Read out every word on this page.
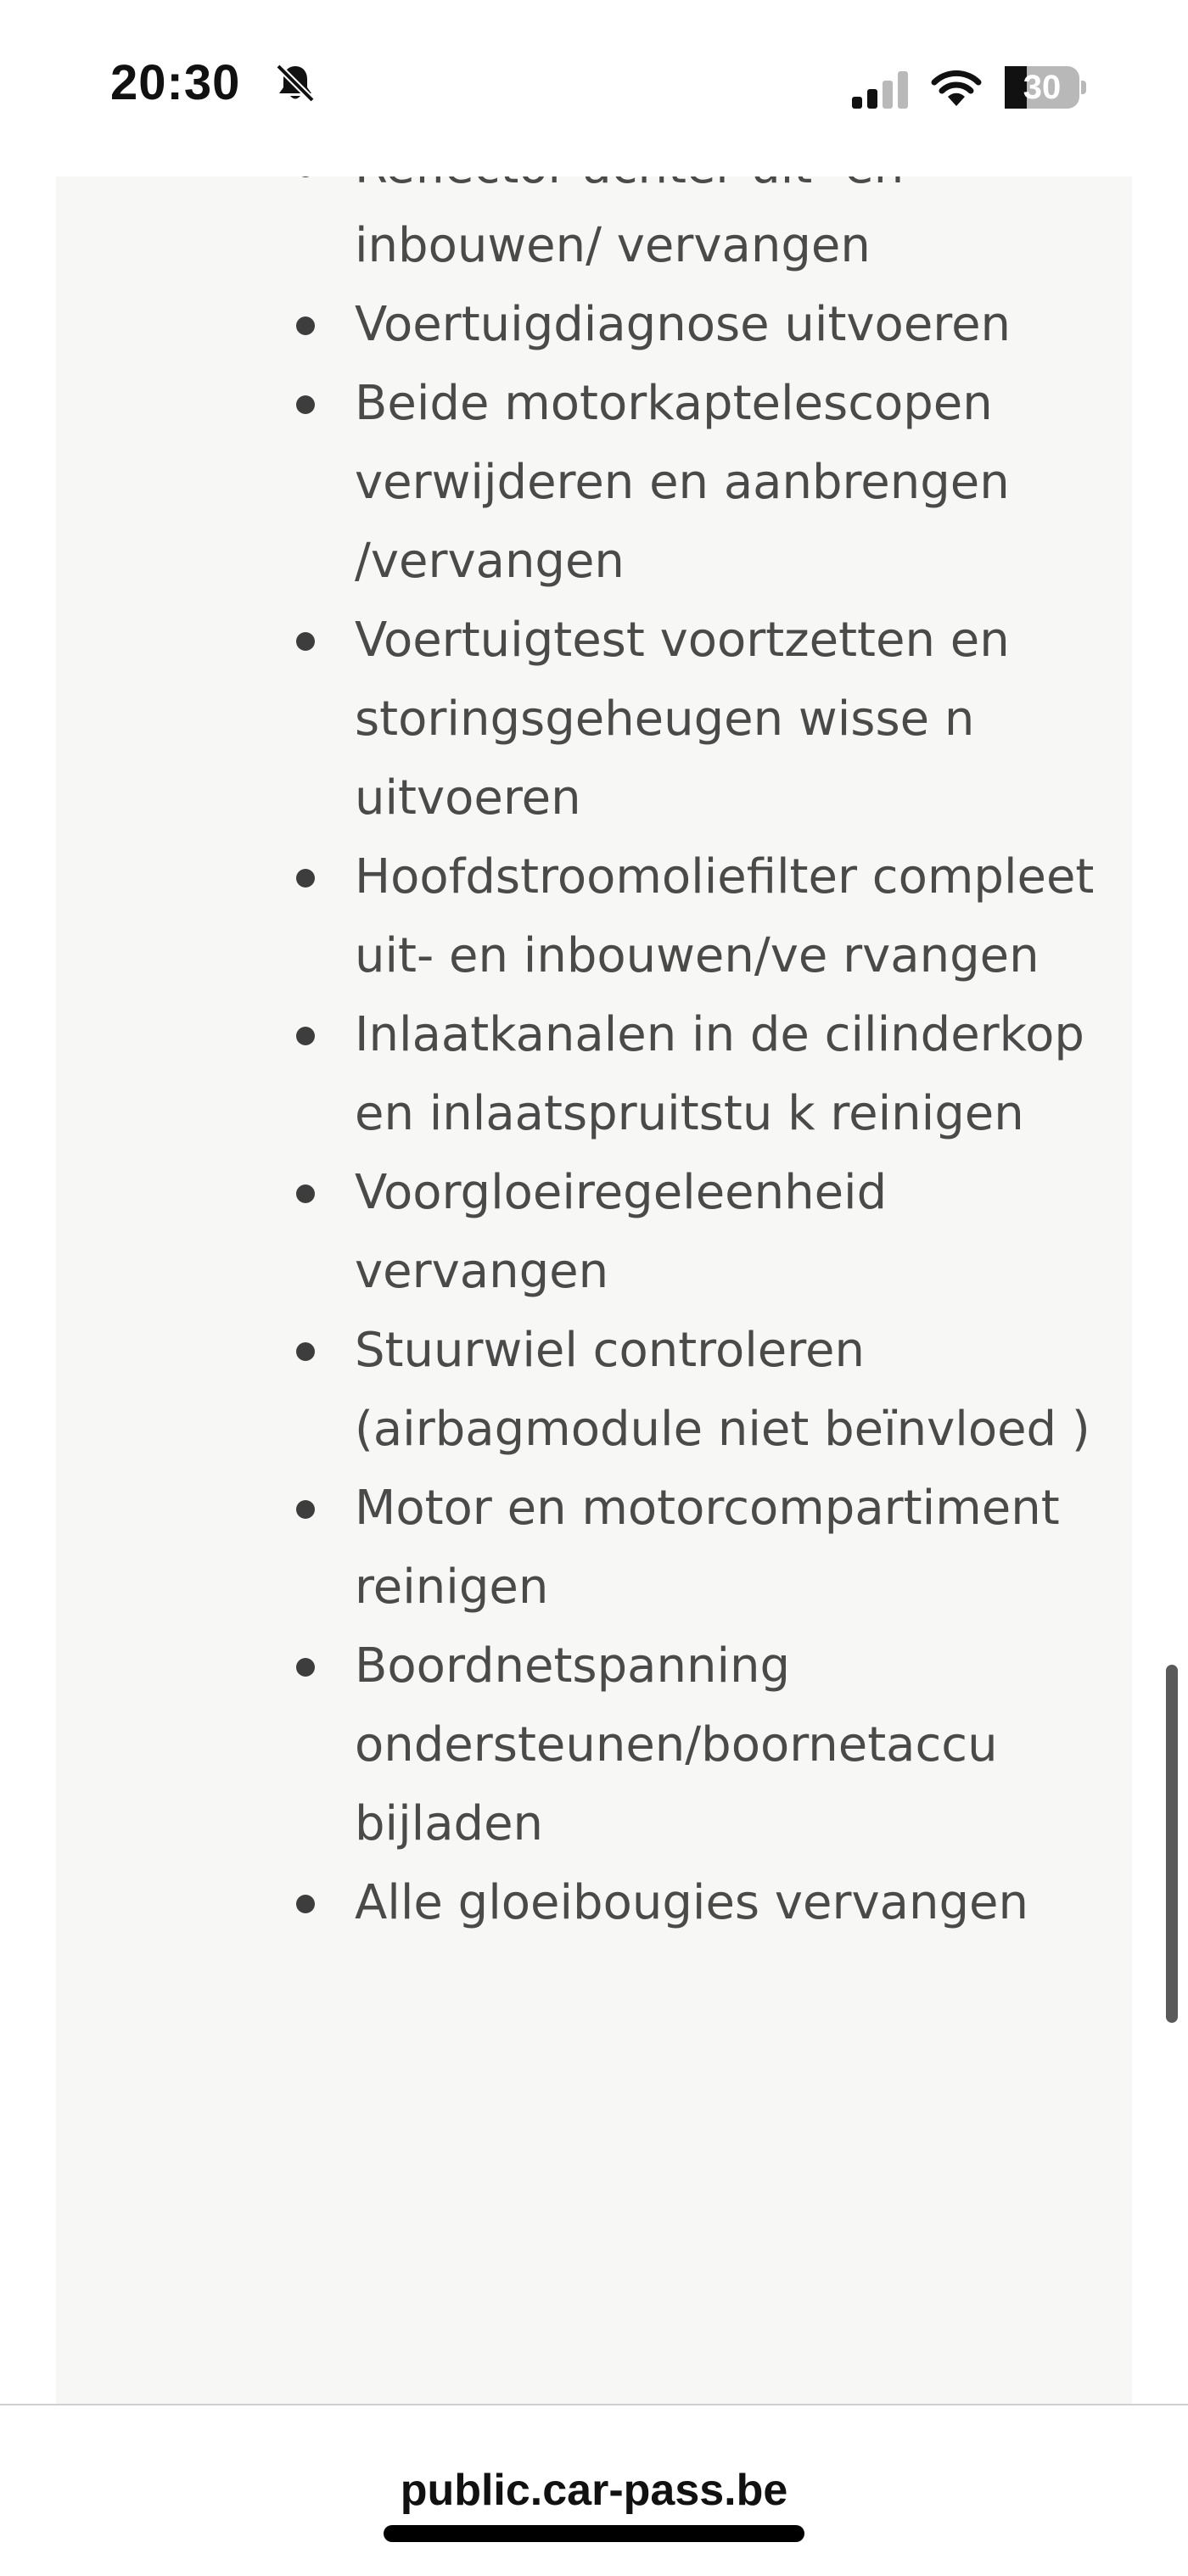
20:30	30
inbouwen/ vervangen
Voertuigdiagnose uitvoeren
Beide motorkaptelescopen verwijderen en aanbrengen /vervangen
Voertuigtest voortzetten en storingsgeheugen wisse n uitvoeren
Hoofdstroomoliefilter compleet uit- en inbouwen/ve rvangen
Inlaatkanalen in de cilinderkop en inlaatspruitstu k reinigen
Voorgloeiregeleenheid vervangen
Stuurwiel controleren (airbagmodule niet beïnvloed )
Motor en motorcompartiment reinigen
Boordnetspanning ondersteunen/boornetaccu bijladen
Alle gloeibougies vervangen
public.car-pass.be
